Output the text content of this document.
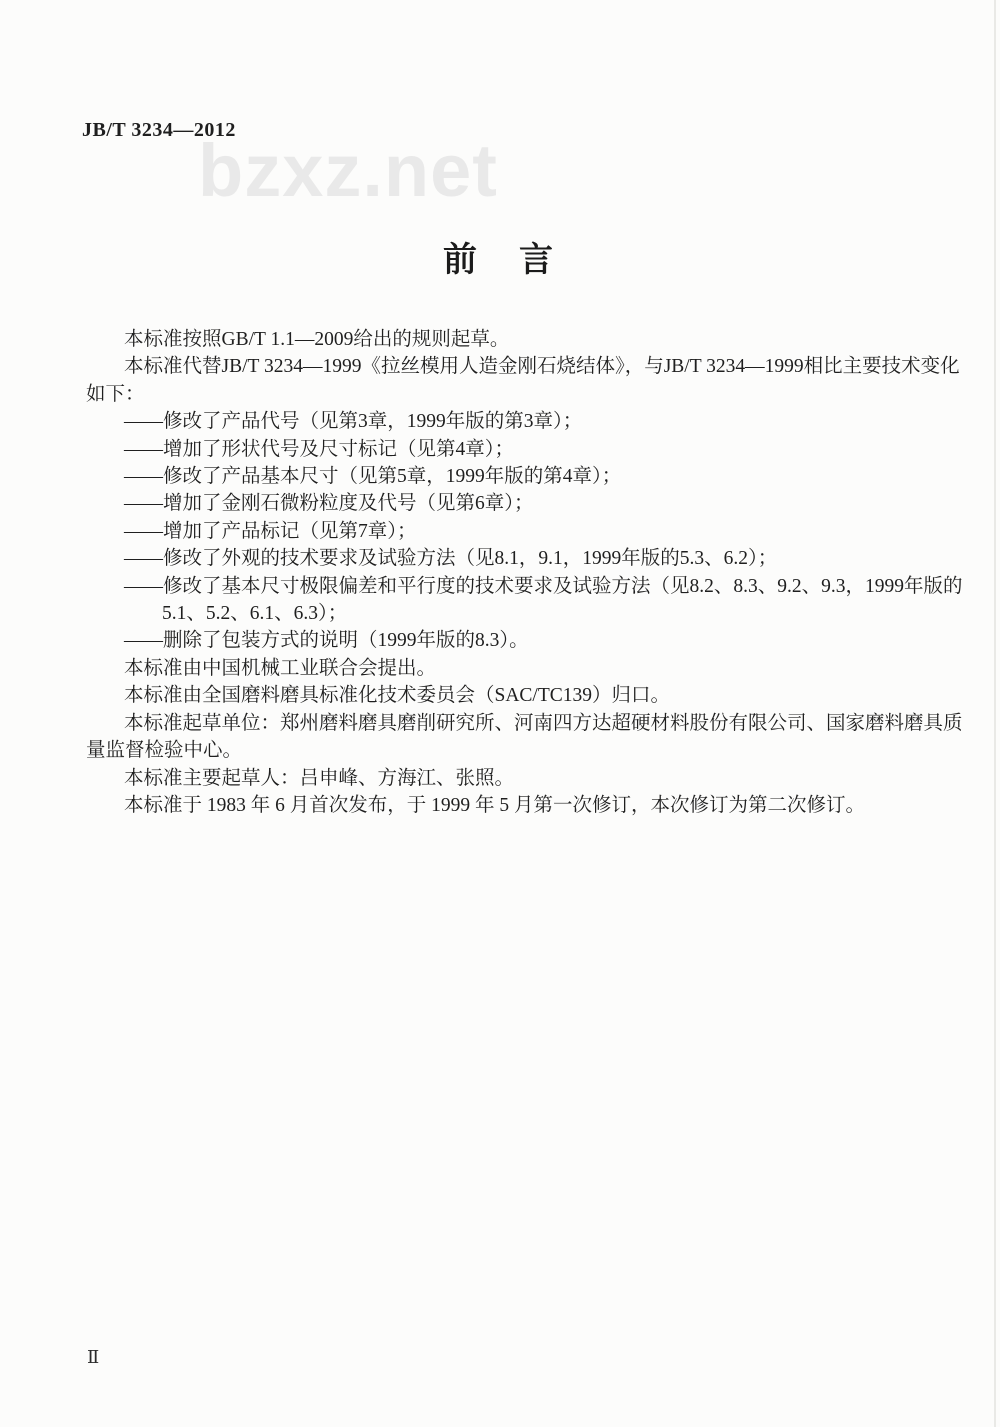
bzxz.net
JB/T 3234—2012
前　言
本标准按照GB/T 1.1—2009给出的规则起草。
本标准代替JB/T 3234—1999《拉丝模用人造金刚石烧结体》，与JB/T 3234—1999相比主要技术变化
如下：
——修改了产品代号（见第3章，1999年版的第3章）；
——增加了形状代号及尺寸标记（见第4章）；
——修改了产品基本尺寸（见第5章，1999年版的第4章）；
——增加了金刚石微粉粒度及代号（见第6章）；
——增加了产品标记（见第7章）；
——修改了外观的技术要求及试验方法（见8.1，9.1，1999年版的5.3、6.2）；
——修改了基本尺寸极限偏差和平行度的技术要求及试验方法（见8.2、8.3、9.2、9.3，1999年版的
5.1、5.2、6.1、6.3）；
——删除了包装方式的说明（1999年版的8.3）。
本标准由中国机械工业联合会提出。
本标准由全国磨料磨具标准化技术委员会（SAC/TC139）归口。
本标准起草单位：郑州磨料磨具磨削研究所、河南四方达超硬材料股份有限公司、国家磨料磨具质
量监督检验中心。
本标准主要起草人：吕申峰、方海江、张照。
本标准于 1983 年 6 月首次发布，于 1999 年 5 月第一次修订，本次修订为第二次修订。
Ⅱ
